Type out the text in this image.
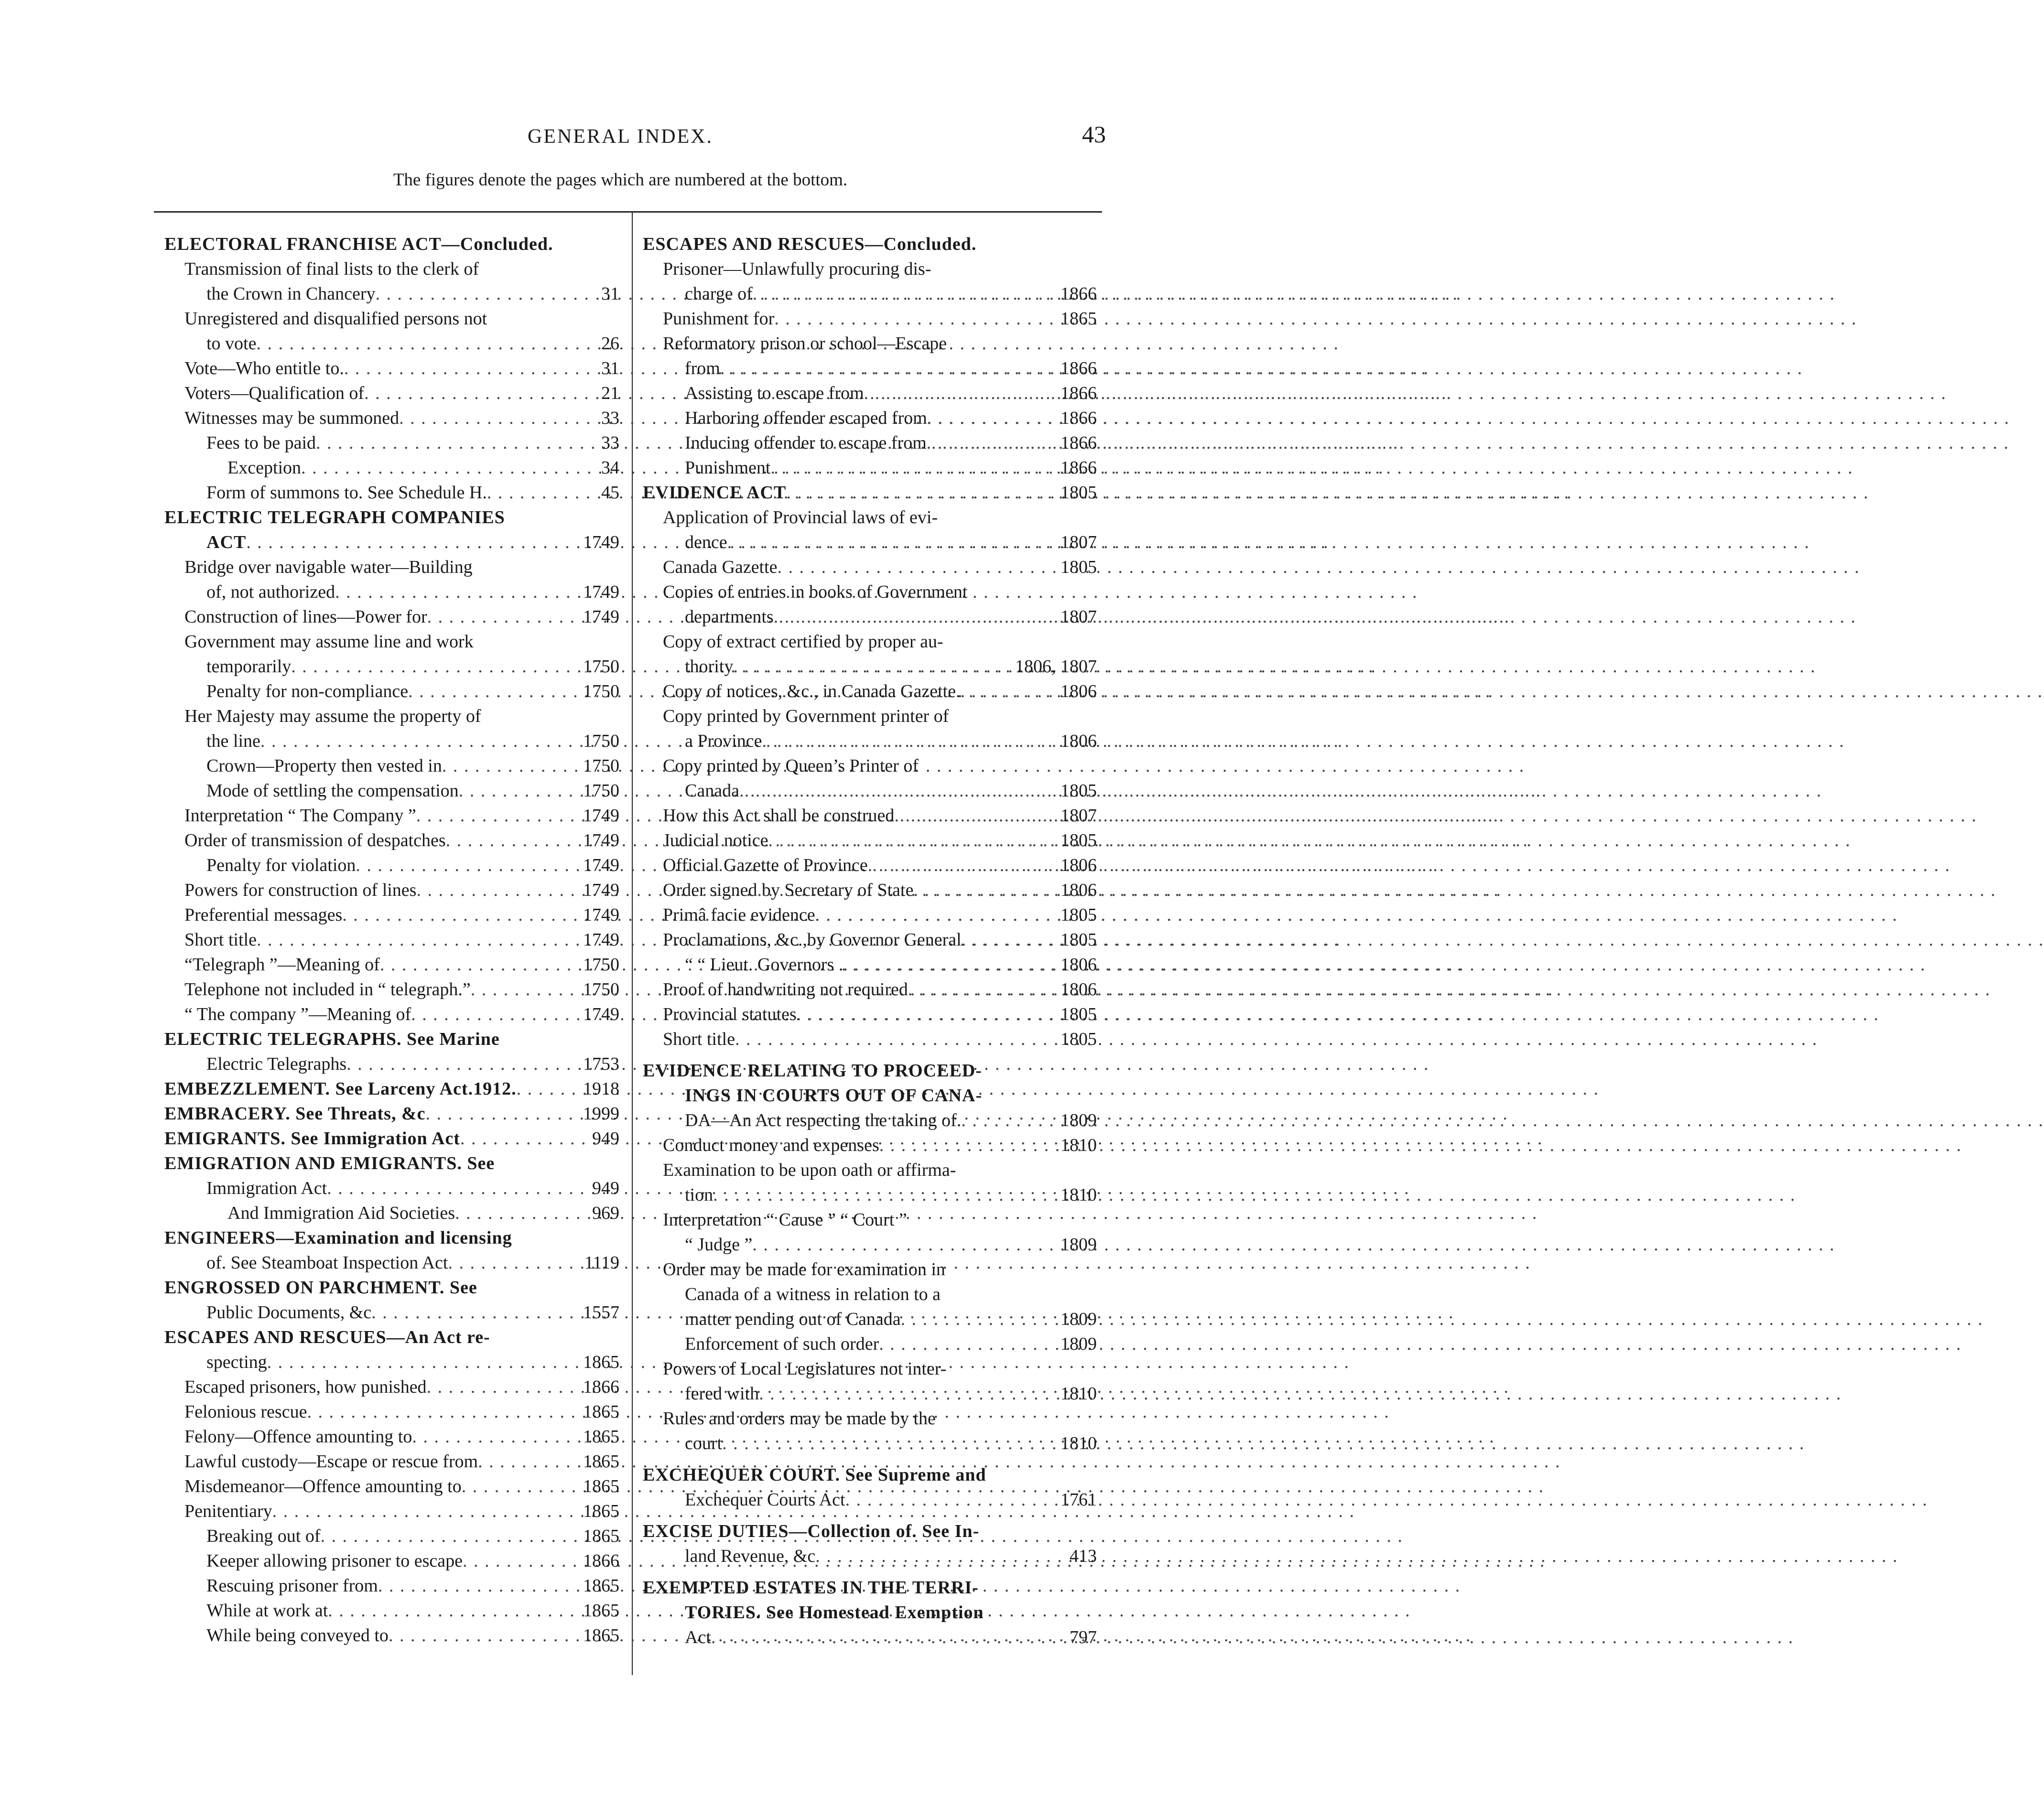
GENERAL INDEX.	43
The figures denote the pages which are numbered at the bottom.
ELECTORAL FRANCHISE ACT—Concluded.
Transmission of final lists to the clerk of
the Crown in Chancery . . .	31
Unregistered and disqualified persons not
to vote . . .	26
Vote—Who entitle to. . . .	31
Voters—Qualification of . . .	21
Witnesses may be summoned . . .	33
Fees to be paid . . .	33
Exception . . .	34
Form of summons to. See Schedule H. . . .	45
ELECTRIC TELEGRAPH COMPANIES
ACT . . .	1749
Bridge over navigable water—Building
of, not authorized . . .	1749
Construction of lines—Power for . . .	1749
Government may assume line and work
temporarily . . .	1750
Penalty for non-compliance . . .	1750
Her Majesty may assume the property of
the line . . .	1750
Crown—Property then vested in . . .	1750
Mode of settling the compensation . . .	1750
Interpretation “ The Company ” . . .	1749
Order of transmission of despatches . . .	1749
Penalty for violation . . .	1749
Powers for construction of lines . . .	1749
Preferential messages . . .	1749
Short title . . .	1749
“Telegraph ”—Meaning of . . .	1750
Telephone not included in “ telegraph.” . . .	1750
“ The company ”—Meaning of . . .	1749
ELECTRIC TELEGRAPHS. See Marine
Electric Telegraphs . . .	1753
EMBEZZLEMENT. See Larceny Act.1912. . . .	1918
EMBRACERY. See Threats, &c . . .	1999
EMIGRANTS. See Immigration Act . . .	949
EMIGRATION AND EMIGRANTS. See
Immigration Act . . .	949
And Immigration Aid Societies . . .	969
ENGINEERS—Examination and licensing
of. See Steamboat Inspection Act . . .	1119
ENGROSSED ON PARCHMENT. See
Public Documents, &c . . .	1557
ESCAPES AND RESCUES—An Act re-
specting . . .	1865
Escaped prisoners, how punished . . .	1866
Felonious rescue . . .	1865
Felony—Offence amounting to . . .	1865
Lawful custody—Escape or rescue from . . .	1865
Misdemeanor—Offence amounting to . . .	1865
Penitentiary . . .	1865
Breaking out of . . .	1865
Keeper allowing prisoner to escape . . .	1866
Rescuing prisoner from . . .	1865
While at work at . . .	1865
While being conveyed to . . .	1865
ESCAPES AND RESCUES—Concluded.
Prisoner—Unlawfully procuring dis-
charge of . . .	1866
Punishment for . . .	1865
Reformatory prison or school—Escape
from . . .	1866
Assisting to escape from . . .	1866
Harboring offender escaped from . . .	1866
Inducing offender to escape from . . .	1866
Punishment . . .	1866
EVIDENCE ACT . . .	1805
Application of Provincial laws of evi-
dence . . .	1807
Canada Gazette . . .	1805
Copies of entries in books of Government
departments . . .	1807
Copy of extract certified by proper au-
thority . . .	1806, 1807
Copy of notices, &c., in Canada Gazette. . . .	1806
Copy printed by Government printer of
a Province . . .	1806
Copy printed by Queen’s Printer of
Canada . . .	1805
How this Act shall be construed . . .	1807
Judicial notice . . .	1805
Official Gazette of Province . . .	1806
Order signed by Secretary of State . . .	1806
Primâ facie evidence . . .	1805
Proclamations, &c.,by Governor General . . .	1805
“ “ Lieut. Governors . . . .	1806
Proof of handwriting not required . . .	1806
Provincial statutes . . .	1805
Short title . . .	1805
EVIDENCE RELATING TO PROCEED-
INGS IN COURTS OUT OF CANA-
DA—An Act respecting the taking of. . . .	1809
Conduct money and expenses . . .	1810
Examination to be upon oath or affirma-
tion . . .	1810
Interpretation “ Cause ” “ Court ”
“ Judge ” . . .	1809
Order may be made for examination in
Canada of a witness in relation to a
matter pending out of Canada . . .	1809
Enforcement of such order . . .	1809
Powers of Local Legislatures not inter-
fered with . . .	1810
Rules and orders may be made by the
court . . .	1810
EXCHEQUER COURT. See Supreme and
Exchequer Courts Act . . .	1761
EXCISE DUTIES—Collection of. See In-
land Revenue, &c . . .	413
EXEMPTED ESTATES IN THE TERRI-
TORIES. See Homestead Exemption
Act . . .	797
